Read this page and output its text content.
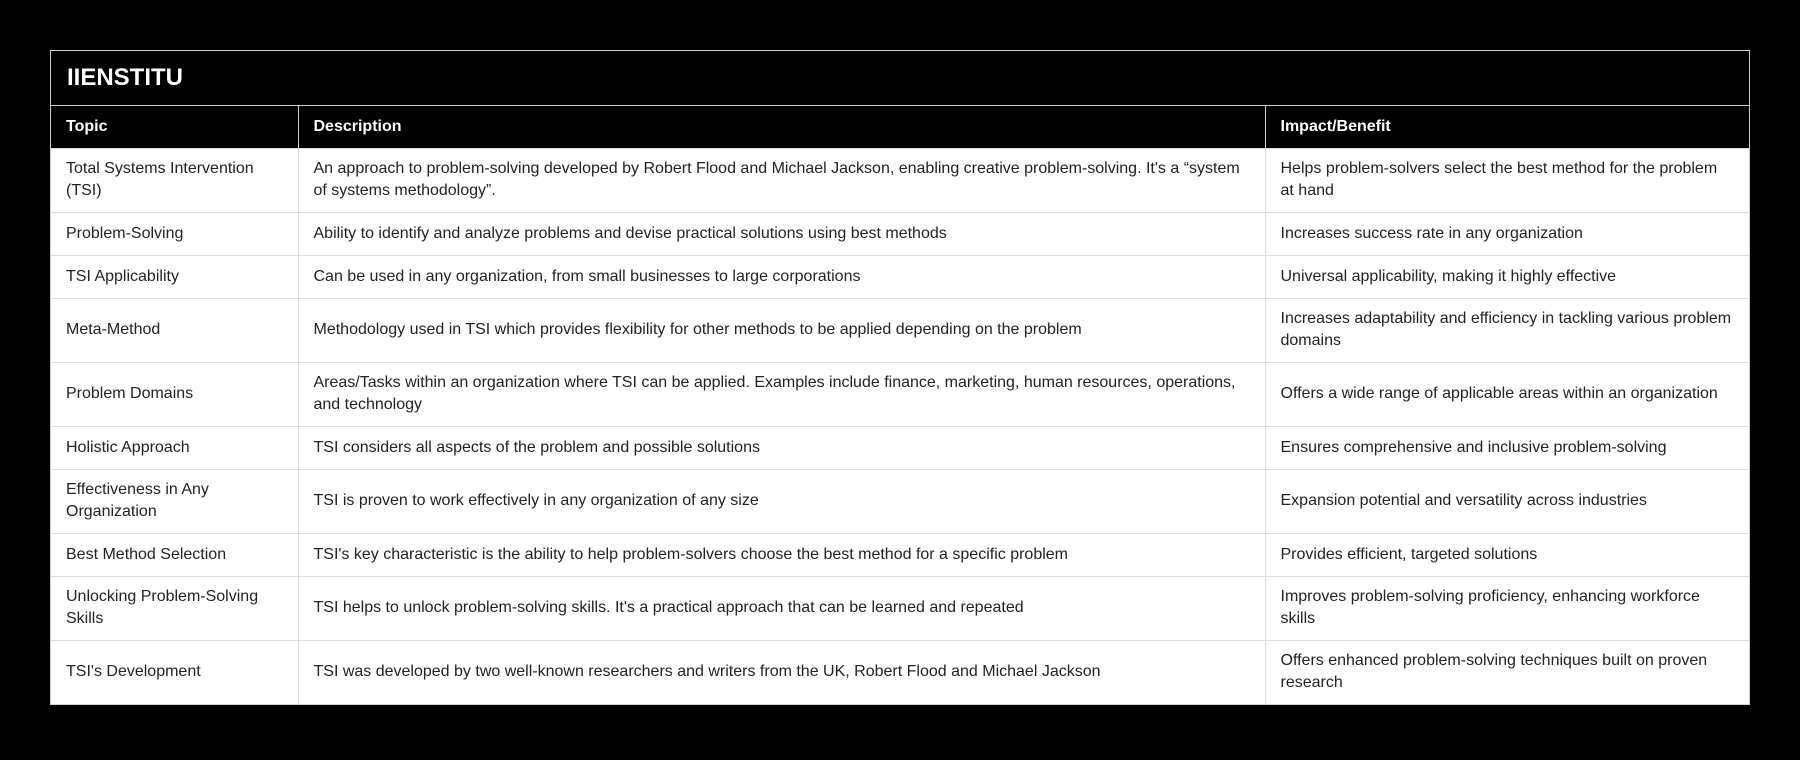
IIENSTITU
Topic	Description	Impact/Benefit
Total Systems Intervention (TSI)	An approach to problem-solving developed by Robert Flood and Michael Jackson, enabling creative problem-solving. It's a “system of systems methodology”.	Helps problem-solvers select the best method for the problem at hand
Problem-Solving	Ability to identify and analyze problems and devise practical solutions using best methods	Increases success rate in any organization
TSI Applicability	Can be used in any organization, from small businesses to large corporations	Universal applicability, making it highly effective
Meta-Method	Methodology used in TSI which provides flexibility for other methods to be applied depending on the problem	Increases adaptability and efficiency in tackling various problem domains
Problem Domains	Areas/Tasks within an organization where TSI can be applied. Examples include finance, marketing, human resources, operations, and technology	Offers a wide range of applicable areas within an organization
Holistic Approach	TSI considers all aspects of the problem and possible solutions	Ensures comprehensive and inclusive problem-solving
Effectiveness in Any Organization	TSI is proven to work effectively in any organization of any size	Expansion potential and versatility across industries
Best Method Selection	TSI's key characteristic is the ability to help problem-solvers choose the best method for a specific problem	Provides efficient, targeted solutions
Unlocking Problem-Solving Skills	TSI helps to unlock problem-solving skills. It's a practical approach that can be learned and repeated	Improves problem-solving proficiency, enhancing workforce skills
TSI's Development	TSI was developed by two well-known researchers and writers from the UK, Robert Flood and Michael Jackson	Offers enhanced problem-solving techniques built on proven research
